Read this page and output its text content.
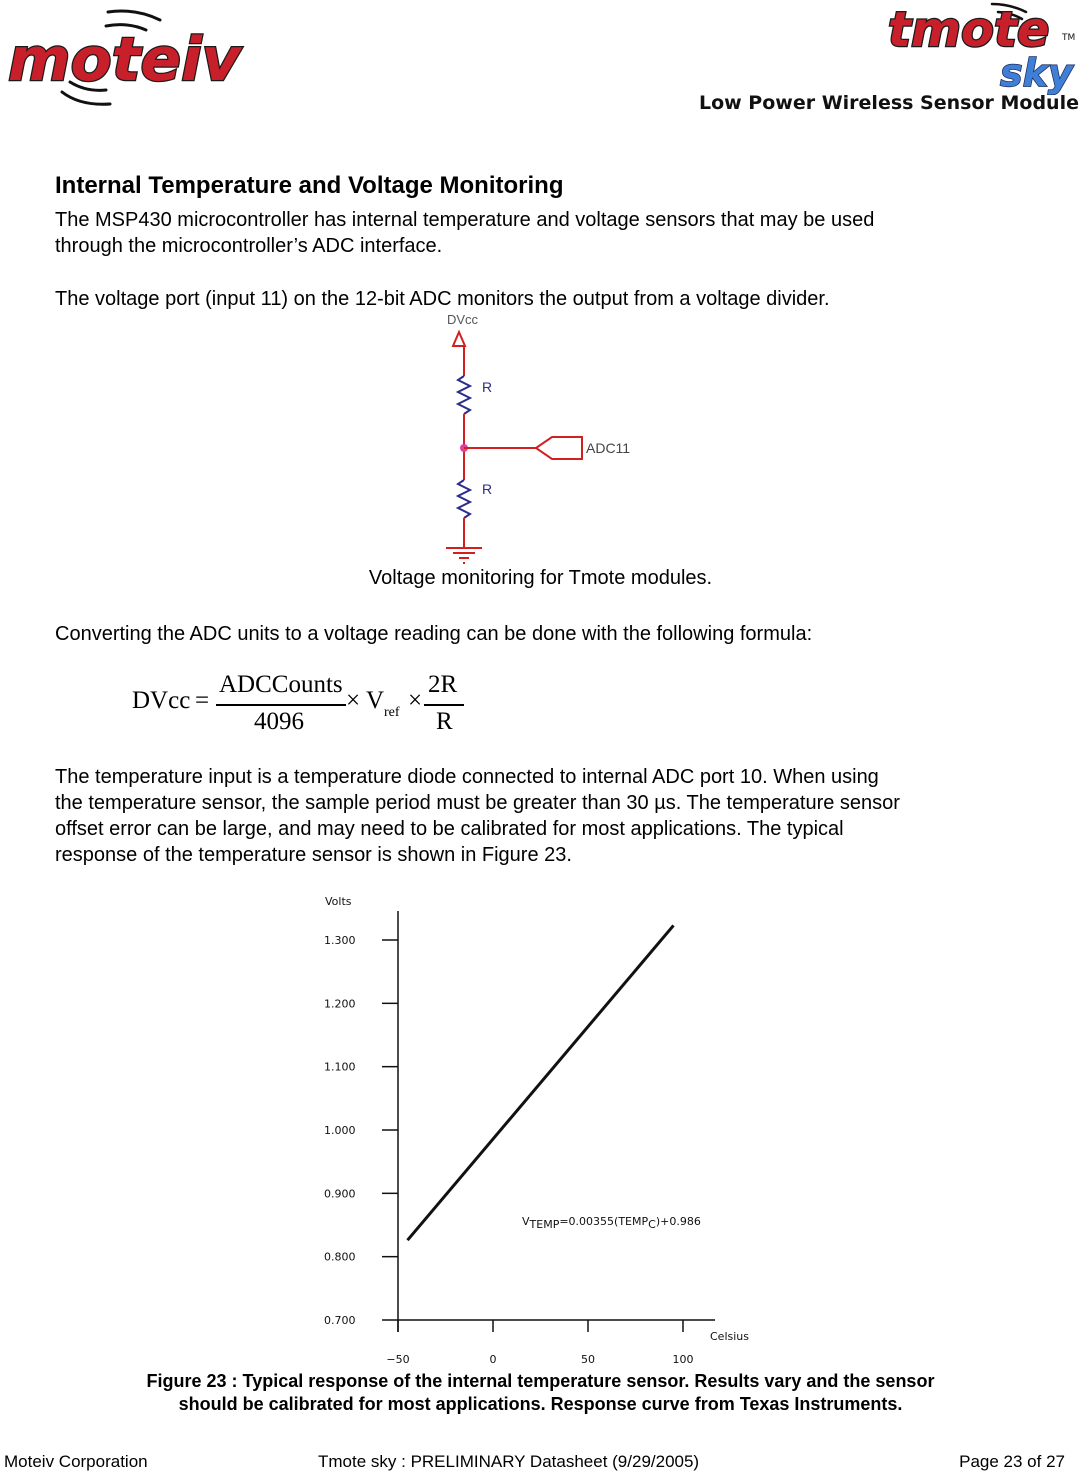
moteiv	tmote TM
sky
Low Power Wireless Sensor Module
Internal Temperature and Voltage Monitoring
The MSP430 microcontroller has internal temperature and voltage sensors that may be used
through the microcontroller’s ADC interface.
The voltage port (input 11) on the 12-bit ADC monitors the output from a voltage divider.
DVcc
R
ADC11
R
Voltage monitoring for Tmote modules.
Converting the ADC units to a voltage reading can be done with the following formula:
DVcc =
ADCCounts
4096
× V ref ×
2R
R
The temperature input is a temperature diode connected to internal ADC port 10. When using
the temperature sensor, the sample period must be greater than 30 µs. The temperature sensor
offset error can be large, and may need to be calibrated for most applications. The typical
response of the temperature sensor is shown in Figure 23.
Volts
Celsius
0.700
0.800
0.900
1.000
1.100
1.200
1.300
−50	0	50	100
VTEMP=0.00355(TEMPC)+0.986
Figure 23 : Typical response of the internal temperature sensor. Results vary and the sensor
should be calibrated for most applications. Response curve from Texas Instruments.
Moteiv Corporation	Tmote sky : PRELIMINARY Datasheet (9/29/2005)	Page 23 of 27
